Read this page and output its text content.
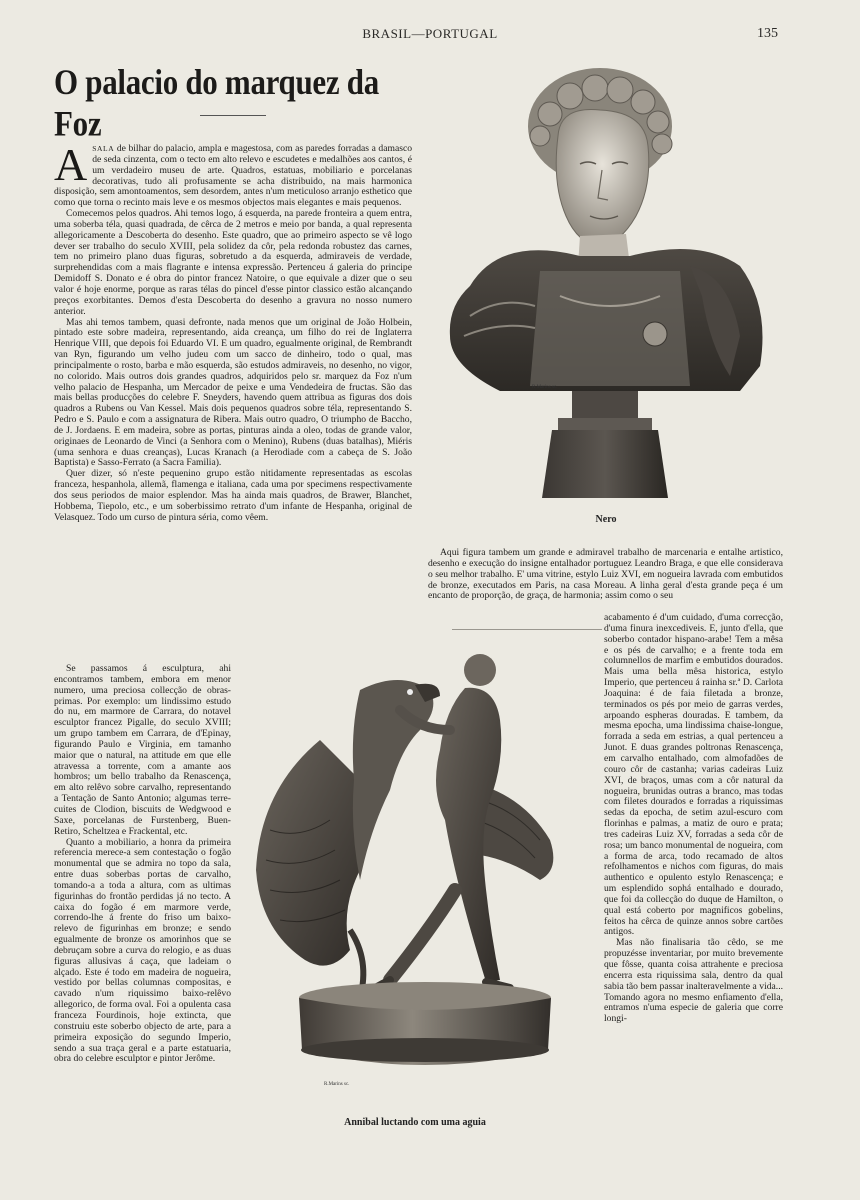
BRASIL—PORTUGAL	135
O palacio do marquez da Foz

ASALA de bilhar do palacio, ampla e magestosa, com as paredes forradas a damasco de seda cinzenta, com o tecto em alto relevo e escudetes e medalhões aos cantos, é um verdadeiro museu de arte. Quadros, estatuas, mobiliario e porcelanas decorativas, tudo ali profusamente se acha distribuido, na mais harmonica disposição, sem amontoamentos, sem desordem, antes n'um meticuloso arranjo esthetico que como que torna o recinto mais leve e os mesmos objectos mais elegantes e mais pequenos.

Comecemos pelos quadros. Ahi temos logo, á esquerda, na parede fronteira a quem entra, uma soberba téla, quasi quadrada, de cêrca de 2 metros e meio por banda, a qual representa allegoricamente a Descoberta do desenho. Este quadro, que ao primeiro aspecto se vê logo dever ser trabalho do seculo XVIII, pela solidez da côr, pela redonda robustez das carnes, tem no primeiro plano duas figuras, sobretudo a da esquerda, admiraveis de verdade, surprehendidas com a mais flagrante e intensa expressão. Pertenceu á galeria do principe Demidoff S. Donato e é obra do pintor francez Natoire, o que equivale a dizer que o seu valor é hoje enorme, porque as raras télas do pincel d'esse pintor classico estão alcançando preços exorbitantes. Demos d'esta Descoberta do desenho a gravura no nosso numero anterior.

Mas ahi temos tambem, quasi defronte, nada menos que um original de João Holbein, pintado este sobre madeira, representando, aida creança, um filho do rei de Inglaterra Henrique VIII, que depois foi Eduardo VI. E um quadro, egualmente original, de Rembrandt van Ryn, figurando um velho judeu com um sacco de dinheiro, todo o qual, mas principalmente o rosto, barba e mão esquerda, são estudos admiraveis, no desenho, no vigor, no colorido. Mais outros dois grandes quadros, adquiridos pelo sr. marquez da Foz n'um velho palacio de Hespanha, um Mercador de peixe e uma Vendedeira de fructas. São das mais bellas producções do celebre F. Sneyders, havendo quem attribua as figuras dos dois quadros a Rubens ou Van Kessel. Mais dois pequenos quadros sobre téla, representando S. Pedro e S. Paulo e com a assignatura de Ribera. Mais outro quadro, O triumpho de Baccho, de J. Jordaens. E em madeira, sobre as portas, pinturas ainda a oleo, todas de grande valor, originaes de Leonardo de Vinci (a Senhora com o Menino), Rubens (duas batalhas), Miéris (uma senhora e duas creanças), Lucas Kranach (a Herodiade com a cabeça de S. João Baptista) e Sasso-Ferrato (a Sacra Familia).

Quer dizer, só n'este pequenino grupo estão nitidamente representadas as escolas franceza, hespanhola, allemã, flamenga e italiana, cada uma por specimens respectivamente dos seus periodos de maior esplendor. Mas ha ainda mais quadros, de Brawer, Blanchet, Hobbema, Tiepolo, etc., e um soberbissimo retrato d'um infante de Hespanha, original de Velasquez. Todo um curso de pintura séria, como vêem.

Se passamos á esculptura, ahi encontramos tambem, embora em menor numero, uma preciosa collecção de obras-primas. Por exemplo: um lindissimo estudo do nu, em marmore de Carrara, do notavel esculptor francez Pigalle, do seculo XVIII; um grupo tambem em Carrara, de d'Epinay, figurando Paulo e Virginia, em tamanho maior que o natural, na attitude em que elle atravessa a torrente, com a amante aos hombros; um bello trabalho da Renascença, em alto relêvo sobre carvalho, representando a Tentação de Santo Antonio; algumas terre-cuites de Clodion, biscuits de Wedgwood e Saxe, porcelanas de Furstenberg, Buen-Retiro, Scheltzea e Frackental, etc.

Quanto a mobiliario, a honra da primeira referencia merece-a sem contestação o fogão monumental que se admira no topo da sala, entre duas soberbas portas de carvalho, tomando-a a toda a altura, com as ultimas figurinhas do frontão perdidas já no tecto. A caixa do fogão é em marmore verde, correndo-lhe á frente do friso um baixo-relevo de figurinhas em bronze; e sendo egualmente de bronze os amorinhos que se debruçam sobre a curva do relogio, e as duas figuras allusivas á caça, que ladeiam o alçado. Este é todo em madeira de nogueira, vestido por bellas columnas compositas, e cavado n'um riquissimo baixo-relêvo allegorico, de forma oval. Foi a opulenta casa franceza Fourdinois, hoje extincta, que construiu este soberbo objecto de arte, para a primeira exposição do segundo Imperio, sendo a sua traça geral e a parte estatuaria, obra do celebre esculptor e pintor Jerôme.

Aqui figura tambem um grande e admiravel trabalho de marcenaria e entalhe artistico, desenho e execução do insigne entalhador portuguez Leandro Braga, e que elle considerava o seu melhor trabalho. E' uma vitrine, estylo Luiz XVI, em nogueira lavrada com embutidos de bronze, executados em Paris, na casa Moreau. A linha geral d'esta grande peça é um encanto de proporção, de graça, de harmonia; assim como o seu

acabamento é d'um cuidado, d'uma correcção, d'uma finura inexcediveis. E, junto d'ella, que soberbo contador hispano-arabe! Tem a mêsa e os pés de carvalho; e a frente toda em columnellos de marfim e embutidos dourados. Mais uma bella mêsa historica, estylo Imperio, que pertenceu á rainha sr.ª D. Carlota Joaquina: é de faia filetada a bronze, terminados os pés por meio de garras verdes, arpoando espheras douradas. E tambem, da mesma epocha, uma lindissima chaise-longue, forrada a seda em estrias, a qual pertenceu a Junot. E duas grandes poltronas Renascença, em carvalho entalhado, com almofadões de couro côr de castanha; varias cadeiras Luiz XVI, de braços, umas com a côr natural da nogueira, brunidas outras a branco, mas todas com filetes dourados e forradas a riquissimas sedas da epocha, de setim azul-escuro com florinhas e palmas, a matiz de ouro e prata; tres cadeiras Luiz XV, forradas a seda côr de rosa; um banco monumental de nogueira, com a forma de arca, todo recamado de altos refolhamentos e nichos com figuras, do mais authentico e opulento estylo Renascença; e um esplendido sophá entalhado e dourado, que foi da collecção do duque de Hamilton, o qual está coberto por magnificos gobelins, feitos ha cêrca de quinze annos sobre cartões antigos.

Mas não finalisaria tão cêdo, se me propuzésse inventariar, por muito brevemente que fôsse, quanta coisa attrahente e preciosa encerra esta riquissima sala, dentro da qual sabia tão bem passar inalteravelmente a vida... Tomando agora no mesmo enfiamento d'ella, entramos n'uma especie de galeria que corre longi-

R.Marins sc.
Nero
R.Marins sc.
Annibal luctando com uma aguia
